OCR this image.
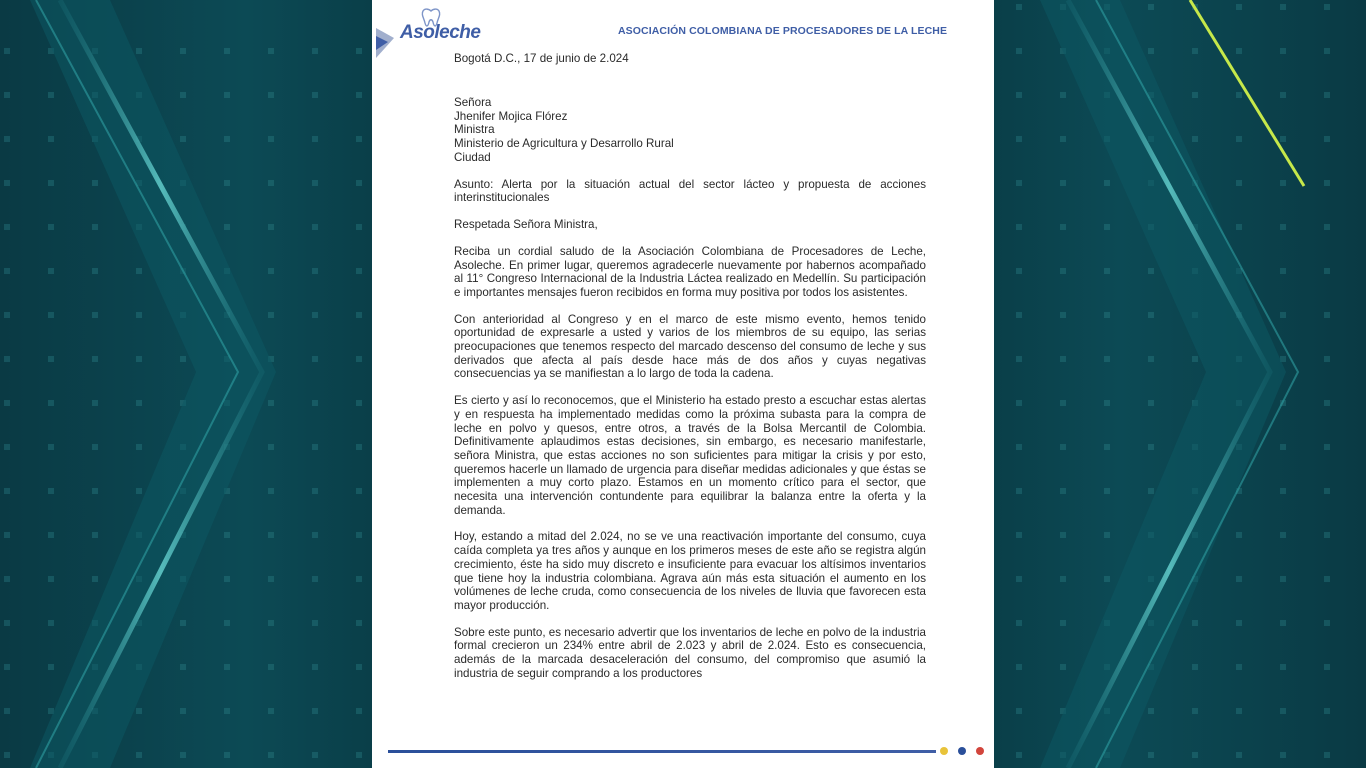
Asoleche	ASOCIACIÓN COLOMBIANA DE PROCESADORES DE LA LECHE

Bogotá D.C., 17 de junio de 2.024

Señora
Jhenifer Mojica Flórez
Ministra
Ministerio de Agricultura y Desarrollo Rural
Ciudad

Asunto: Alerta por la situación actual del sector lácteo y propuesta de acciones interinstitucionales

Respetada Señora Ministra,

Reciba un cordial saludo de la Asociación Colombiana de Procesadores de Leche, Asoleche. En primer lugar, queremos agradecerle nuevamente por habernos acompañado al 11° Congreso Internacional de la Industria Láctea realizado en Medellín. Su participación e importantes mensajes fueron recibidos en forma muy positiva por todos los asistentes.

Con anterioridad al Congreso y en el marco de este mismo evento, hemos tenido oportunidad de expresarle a usted y varios de los miembros de su equipo, las serias preocupaciones que tenemos respecto del marcado descenso del consumo de leche y sus derivados que afecta al país desde hace más de dos años y cuyas negativas consecuencias ya se manifiestan a lo largo de toda la cadena.

Es cierto y así lo reconocemos, que el Ministerio ha estado presto a escuchar estas alertas y en respuesta ha implementado medidas como la próxima subasta para la compra de leche en polvo y quesos, entre otros, a través de la Bolsa Mercantil de Colombia. Definitivamente aplaudimos estas decisiones, sin embargo, es necesario manifestarle, señora Ministra, que estas acciones no son suficientes para mitigar la crisis y por esto, queremos hacerle un llamado de urgencia para diseñar medidas adicionales y que éstas se implementen a muy corto plazo. Estamos en un momento crítico para el sector, que necesita una intervención contundente para equilibrar la balanza entre la oferta y la demanda.

Hoy, estando a mitad del 2.024, no se ve una reactivación importante del consumo, cuya caída completa ya tres años y aunque en los primeros meses de este año se registra algún crecimiento, éste ha sido muy discreto e insuficiente para evacuar los altísimos inventarios que tiene hoy la industria colombiana. Agrava aún más esta situación el aumento en los volúmenes de leche cruda, como consecuencia de los niveles de lluvia que favorecen esta mayor producción.

Sobre este punto, es necesario advertir que los inventarios de leche en polvo de la industria formal crecieron un 234% entre abril de 2.023 y abril de 2.024. Esto es consecuencia, además de la marcada desaceleración del consumo, del compromiso que asumió la industria de seguir comprando a los productores
